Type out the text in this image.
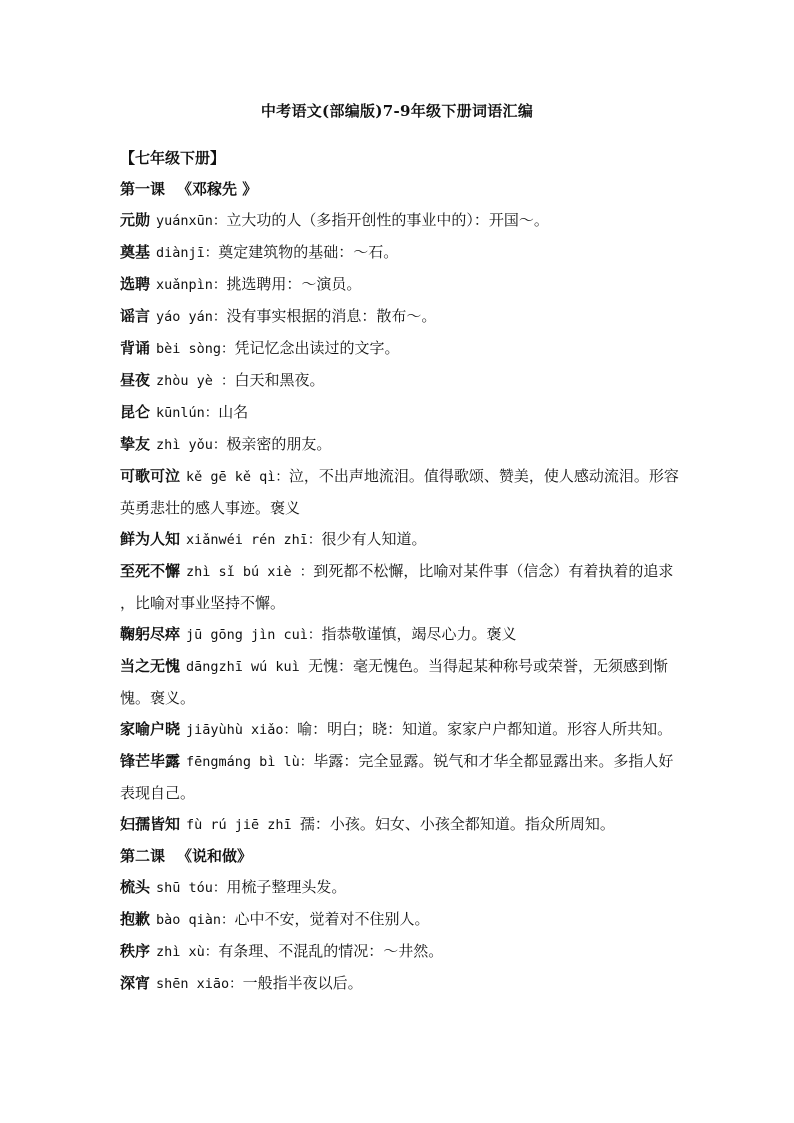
中考语文(部编版)7-9年级下册词语汇编
【七年级下册】
第一课 《邓稼先 》
元勋 yuánxūn：立大功的人（多指开创性的事业中的）：开国～。
奠基 diànjī：奠定建筑物的基础：～石。
选聘 xuǎnpìn：挑选聘用：～演员。
谣言 yáo yán：没有事实根据的消息：散布～。
背诵 bèi sòng：凭记忆念出读过的文字。
昼夜 zhòu yè ：白天和黑夜。
昆仑 kūnlún：山名
挚友 zhì yǒu：极亲密的朋友。
可歌可泣 kě gē kě qì：泣，不出声地流泪。值得歌颂、赞美，使人感动流泪。形容英勇悲壮的感人事迹。褒义
鲜为人知 xiǎnwéi rén zhī：很少有人知道。
至死不懈 zhì sǐ bú xiè ：到死都不松懈，比喻对某件事（信念）有着执着的追求 ，比喻对事业坚持不懈。
鞠躬尽瘁 jū gōng jìn cuì：指恭敬谨慎，竭尽心力。褒义
当之无愧 dāngzhī wú kuì 无愧：毫无愧色。当得起某种称号或荣誉，无须感到惭愧。褒义。
家喻户晓 jiāyùhù xiǎo：喻：明白；晓：知道。家家户户都知道。形容人所共知。
锋芒毕露 fēngmáng bì lù：毕露：完全显露。锐气和才华全都显露出来。多指人好表现自己。
妇孺皆知 fù rú jiē zhī 孺：小孩。妇女、小孩全都知道。指众所周知。
第二课 《说和做》
梳头 shū tóu：用梳子整理头发。
抱歉 bào qiàn：心中不安，觉着对不住别人。
秩序 zhì xù：有条理、不混乱的情况：～井然。
深宵 shēn xiāo：一般指半夜以后。
